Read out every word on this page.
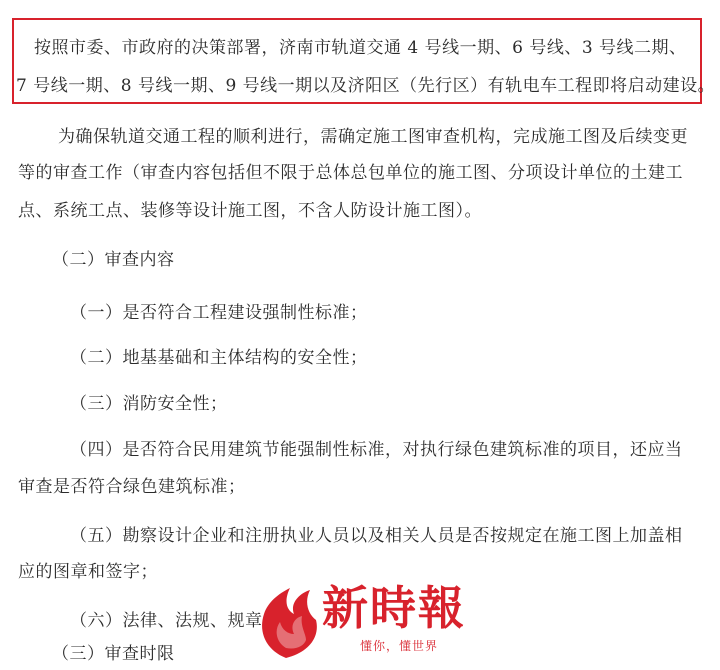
按照市委、市政府的决策部署，济南市轨道交通 4 号线一期、6 号线、3 号线二期、
7 号线一期、8 号线一期、9 号线一期以及济阳区（先行区）有轨电车工程即将启动建设。
为确保轨道交通工程的顺利进行，需确定施工图审查机构，完成施工图及后续变更
等的审查工作（审查内容包括但不限于总体总包单位的施工图、分项设计单位的土建工
点、系统工点、装修等设计施工图，不含人防设计施工图）。
（二）审查内容
（一）是否符合工程建设强制性标准；
（二）地基基础和主体结构的安全性；
（三）消防安全性；
（四）是否符合民用建筑节能强制性标准，对执行绿色建筑标准的项目，还应当
审查是否符合绿色建筑标准；
（五）勘察设计企业和注册执业人员以及相关人员是否按规定在施工图上加盖相
应的图章和签字；
（六）法律、法规、规章
（三）审查时限
新時報
懂你，懂世界
